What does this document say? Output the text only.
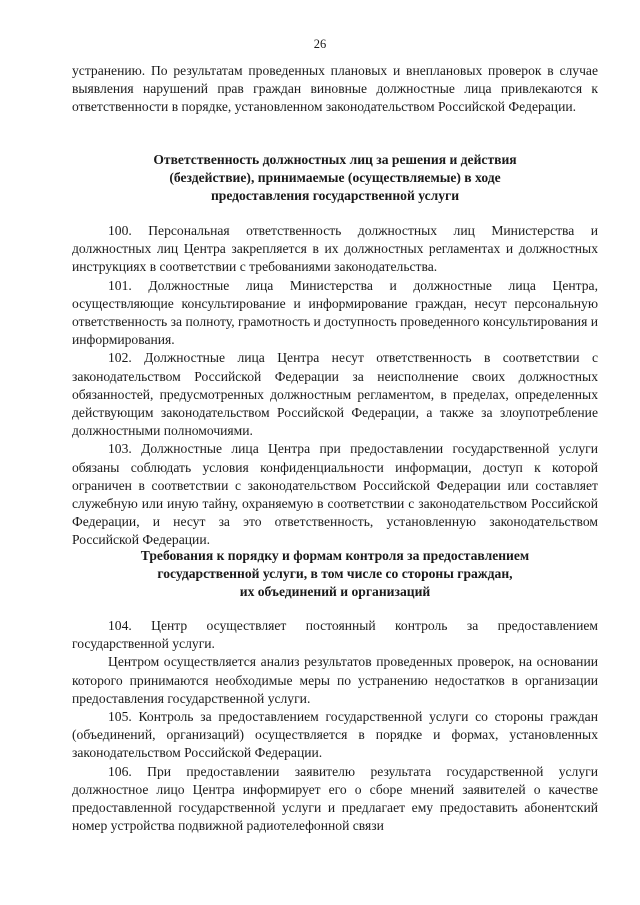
26

устранению. По результатам проведенных плановых и внеплановых проверок в случае выявления нарушений прав граждан виновные должностные лица привлекаются к ответственности в порядке, установленном законодательством Российской Федерации.

Ответственность должностных лиц за решения и действия
(бездействие), принимаемые (осуществляемые) в ходе
предоставления государственной услуги

100. Персональная ответственность должностных лиц Министерства и должностных лиц Центра закрепляется в их должностных регламентах и должностных инструкциях в соответствии с требованиями законодательства.

101. Должностные лица Министерства и должностные лица Центра, осуществляющие консультирование и информирование граждан, несут персональную ответственность за полноту, грамотность и доступность проведенного консультирования и информирования.

102. Должностные лица Центра несут ответственность в соответствии с законодательством Российской Федерации за неисполнение своих должностных обязанностей, предусмотренных должностным регламентом, в пределах, определенных действующим законодательством Российской Федерации, а также за злоупотребление должностными полномочиями.

103. Должностные лица Центра при предоставлении государственной услуги обязаны соблюдать условия конфиденциальности информации, доступ к которой ограничен в соответствии с законодательством Российской Федерации или составляет служебную или иную тайну, охраняемую в соответствии с законодательством Российской Федерации, и несут за это ответственность, установленную законодательством Российской Федерации.

Требования к порядку и формам контроля за предоставлением
государственной услуги, в том числе со стороны граждан,
их объединений и организаций

104. Центр осуществляет постоянный контроль за предоставлением государственной услуги.

Центром осуществляется анализ результатов проведенных проверок, на основании которого принимаются необходимые меры по устранению недостатков в организации предоставления государственной услуги.

105. Контроль за предоставлением государственной услуги со стороны граждан (объединений, организаций) осуществляется в порядке и формах, установленных законодательством Российской Федерации.

106. При предоставлении заявителю результата государственной услуги должностное лицо Центра информирует его о сборе мнений заявителей о качестве предоставленной государственной услуги и предлагает ему предоставить абонентский номер устройства подвижной радиотелефонной связи
